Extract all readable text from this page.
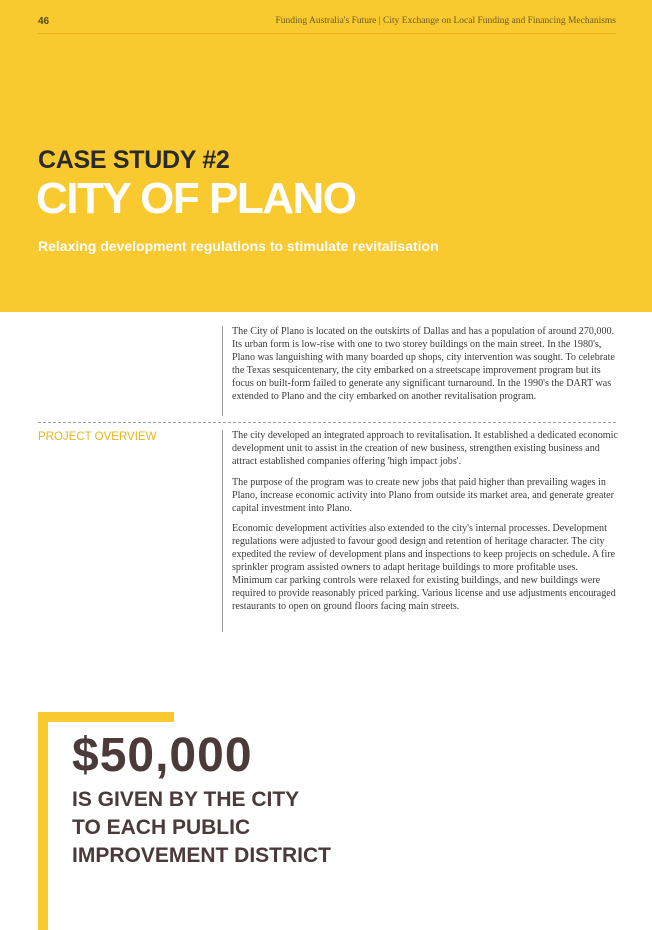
46	Funding Australia's Future | City Exchange on Local Funding and Financing Mechanisms
CASE STUDY #2
CITY OF PLANO
Relaxing development regulations to stimulate revitalisation
The City of Plano is located on the outskirts of Dallas and has a population of around 270,000. Its urban form is low-rise with one to two storey buildings on the main street. In the 1980's, Plano was languishing with many boarded up shops, city intervention was sought. To celebrate the Texas sesquicentenary, the city embarked on a streetscape improvement program but its focus on built-form failed to generate any significant turnaround. In the 1990's the DART was extended to Plano and the city embarked on another revitalisation program.
PROJECT OVERVIEW	The city developed an integrated approach to revitalisation. It established a dedicated economic development unit to assist in the creation of new business, strengthen existing business and attract established companies offering 'high impact jobs'.

The purpose of the program was to create new jobs that paid higher than prevailing wages in Plano, increase economic activity into Plano from outside its market area, and generate greater capital investment into Plano.

Economic development activities also extended to the city's internal processes. Development regulations were adjusted to favour good design and retention of heritage character. The city expedited the review of development plans and inspections to keep projects on schedule. A fire sprinkler program assisted owners to adapt heritage buildings to more profitable uses. Minimum car parking controls were relaxed for existing buildings, and new buildings were required to provide reasonably priced parking. Various license and use adjustments encouraged restaurants to open on ground floors facing main streets.

$50,000
IS GIVEN BY THE CITY
TO EACH PUBLIC
IMPROVEMENT DISTRICT
